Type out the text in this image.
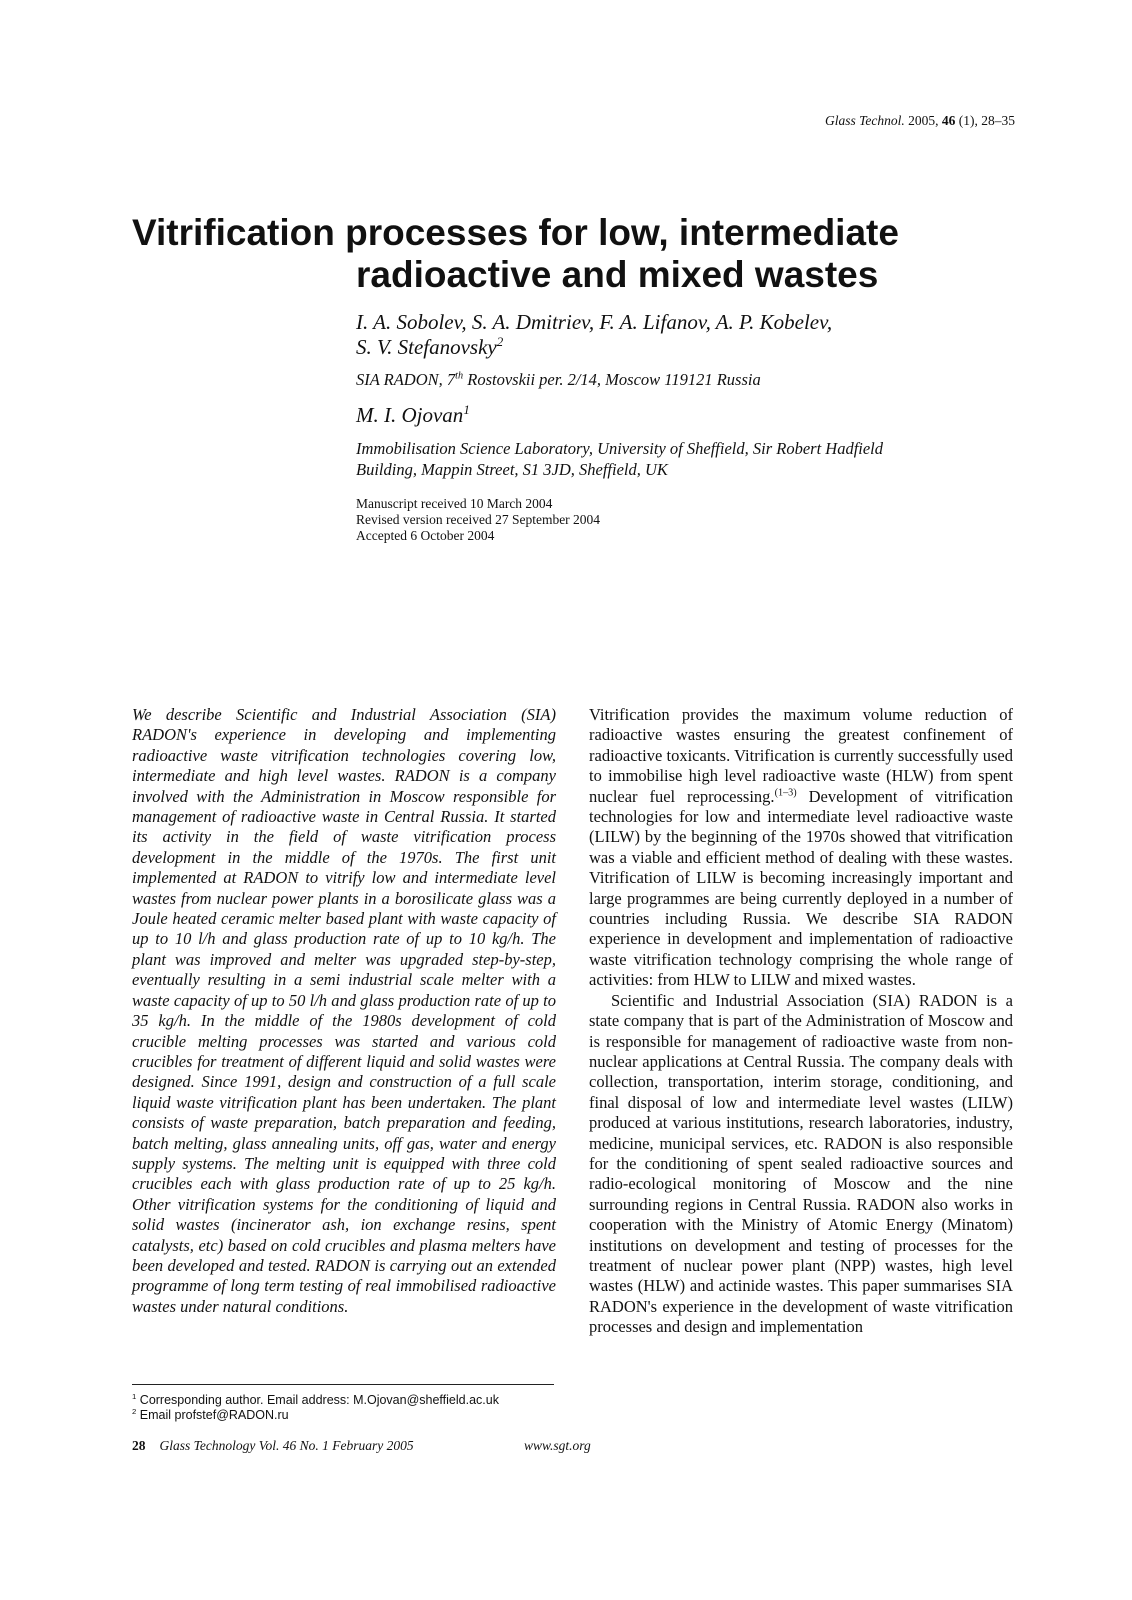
Glass Technol. 2005, 46 (1), 28–35
Vitrification processes for low, intermediate
radioactive and mixed wastes
I. A. Sobolev, S. A. Dmitriev, F. A. Lifanov, A. P. Kobelev,
S. V. Stefanovsky$^2$
SIA RADON, 7th Rostovskii per. 2/14, Moscow 119121 Russia
M. I. Ojovan$^1$
Immobilisation Science Laboratory, University of Sheffield, Sir Robert Hadfield
Building, Mappin Street, S1 3JD, Sheffield, UK
Manuscript received 10 March 2004
Revised version received 27 September 2004
Accepted 6 October 2004
We describe Scientific and Industrial Association (SIA) RADON's experience in developing and implementing radioactive waste vitrification technologies covering low, intermediate and high level wastes. RADON is a company involved with the Administration in Moscow responsible for management of radioactive waste in Central Russia. It started its activity in the field of waste vitrification process development in the middle of the 1970s. The first unit implemented at RADON to vitrify low and intermediate level wastes from nuclear power plants in a borosilicate glass was a Joule heated ceramic melter based plant with waste capacity of up to 10 l/h and glass production rate of up to 10 kg/h. The plant was improved and melter was upgraded step-by-step, eventually resulting in a semi industrial scale melter with a waste capacity of up to 50 l/h and glass production rate of up to 35 kg/h. In the middle of the 1980s development of cold crucible melting processes was started and various cold crucibles for treatment of different liquid and solid wastes were designed. Since 1991, design and construction of a full scale liquid waste vitrification plant has been undertaken. The plant consists of waste preparation, batch preparation and feeding, batch melting, glass annealing units, off gas, water and energy supply systems. The melting unit is equipped with three cold crucibles each with glass production rate of up to 25 kg/h. Other vitrification systems for the conditioning of liquid and solid wastes (incinerator ash, ion exchange resins, spent catalysts, etc) based on cold crucibles and plasma melters have been developed and tested. RADON is carrying out an extended programme of long term testing of real immobilised radioactive wastes under natural conditions.

Vitrification provides the maximum volume reduction of radioactive wastes ensuring the greatest confinement of radioactive toxicants. Vitrification is currently successfully used to immobilise high level radioactive waste (HLW) from spent nuclear fuel reprocessing.$^{(1-3)}$ Development of vitrification technologies for low and intermediate level radioactive waste (LILW) by the beginning of the 1970s showed that vitrification was a viable and efficient method of dealing with these wastes. Vitrification of LILW is becoming increasingly important and large programmes are being currently deployed in a number of countries including Russia. We describe SIA RADON experience in development and implementation of radioactive waste vitrification technology comprising the whole range of activities: from HLW to LILW and mixed wastes.

Scientific and Industrial Association (SIA) RADON is a state company that is part of the Administration of Moscow and is responsible for management of radioactive waste from non-nuclear applications at Central Russia. The company deals with collection, transportation, interim storage, conditioning, and final disposal of low and intermediate level wastes (LILW) produced at various institutions, research laboratories, industry, medicine, municipal services, etc. RADON is also responsible for the conditioning of spent sealed radioactive sources and radio-ecological monitoring of Moscow and the nine surrounding regions in Central Russia. RADON also works in cooperation with the Ministry of Atomic Energy (Minatom) institutions on development and testing of processes for the treatment of nuclear power plant (NPP) wastes, high level wastes (HLW) and actinide wastes. This paper summarises SIA RADON's experience in the development of waste vitrification processes and design and implementation

$^1$ Corresponding author. Email address: M.Ojovan@sheffield.ac.uk
$^2$ Email profstef@RADON.ru
28 Glass Technology Vol. 46 No. 1 February 2005	www.sgt.org
